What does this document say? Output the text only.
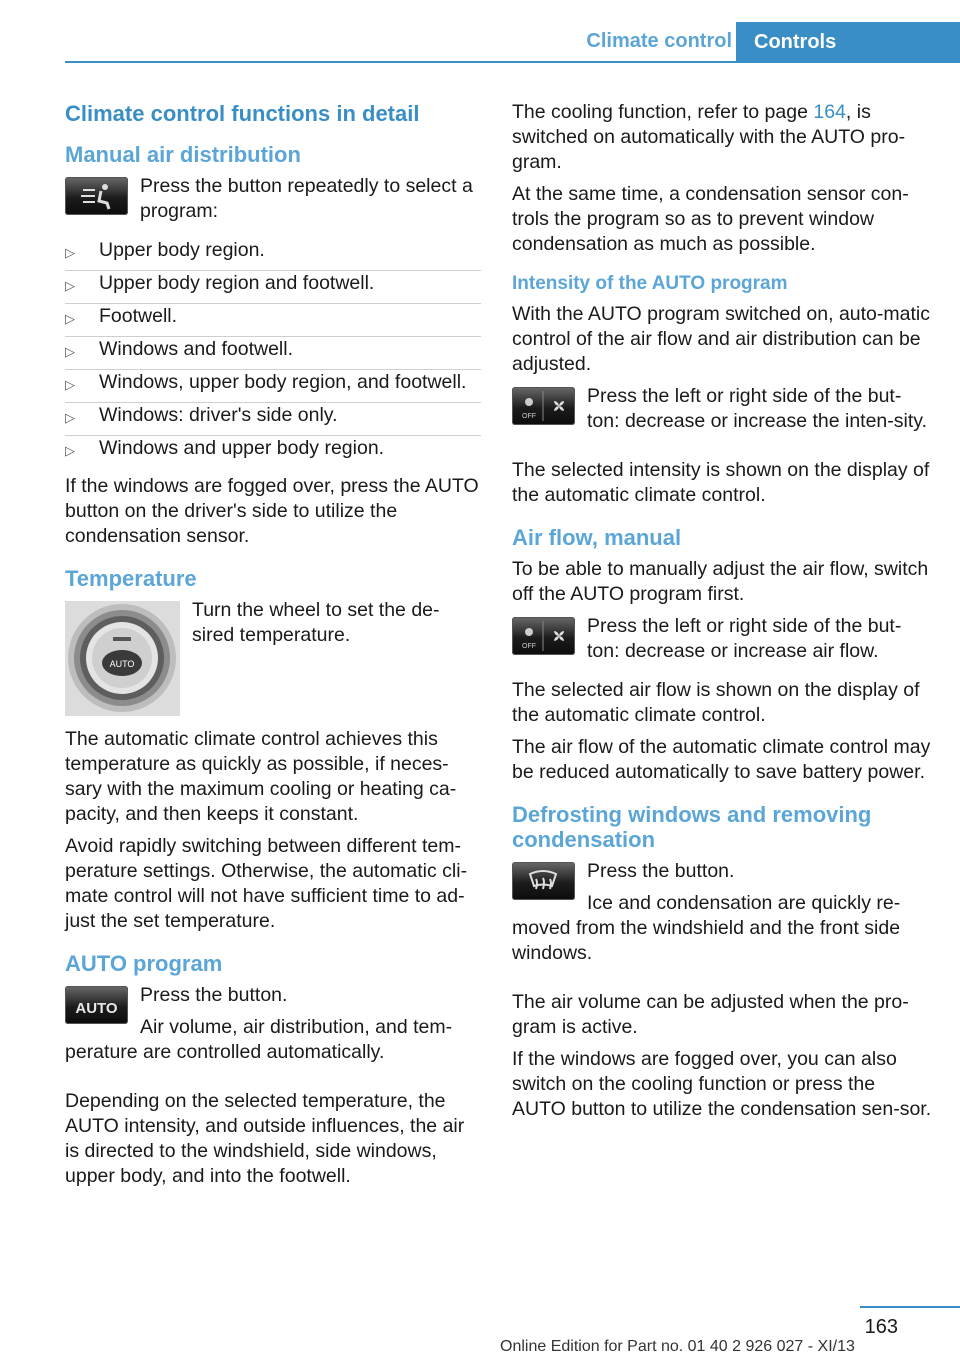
Climate control Controls
Climate control functions in detail
Manual air distribution

Press the button repeatedly to select a program:

▷ Upper body region.
▷ Upper body region and footwell.
▷ Footwell.
▷ Windows and footwell.
▷ Windows, upper body region, and footwell.
▷ Windows: driver's side only.
▷ Windows and upper body region.

If the windows are fogged over, press the AUTO button on the driver's side to utilize the condensation sensor.

Temperature
AUTO

Turn the wheel to set the de‐sired temperature.

The automatic climate control achieves this temperature as quickly as possible, if neces‐sary with the maximum cooling or heating ca‐pacity, and then keeps it constant.

Avoid rapidly switching between different tem‐perature settings. Otherwise, the automatic cli‐mate control will not have sufficient time to ad‐just the set temperature.

AUTO program
AUTO

Press the button.

Air volume, air distribution, and tem‐perature are controlled automatically.

Depending on the selected temperature, the AUTO intensity, and outside influences, the air is directed to the windshield, side windows, upper body, and into the footwell.

The cooling function, refer to page 164, is switched on automatically with the AUTO pro‐gram.

At the same time, a condensation sensor con‐trols the program so as to prevent window condensation as much as possible.

Intensity of the AUTO program

With the AUTO program switched on, auto‐matic control of the air flow and air distribution can be adjusted.

OFF

Press the left or right side of the but‐ton: decrease or increase the inten‐sity.

The selected intensity is shown on the display of the automatic climate control.

Air flow, manual

To be able to manually adjust the air flow, switch off the AUTO program first.

OFF

Press the left or right side of the but‐ton: decrease or increase air flow.

The selected air flow is shown on the display of the automatic climate control.

The air flow of the automatic climate control may be reduced automatically to save battery power.

Defrosting windows and removing condensation

Press the button.

Ice and condensation are quickly re‐moved from the windshield and the front side windows.

The air volume can be adjusted when the pro‐gram is active.

If the windows are fogged over, you can also switch on the cooling function or press the AUTO button to utilize the condensation sen‐sor.

163
Online Edition for Part no. 01 40 2 926 027 - XI/13
